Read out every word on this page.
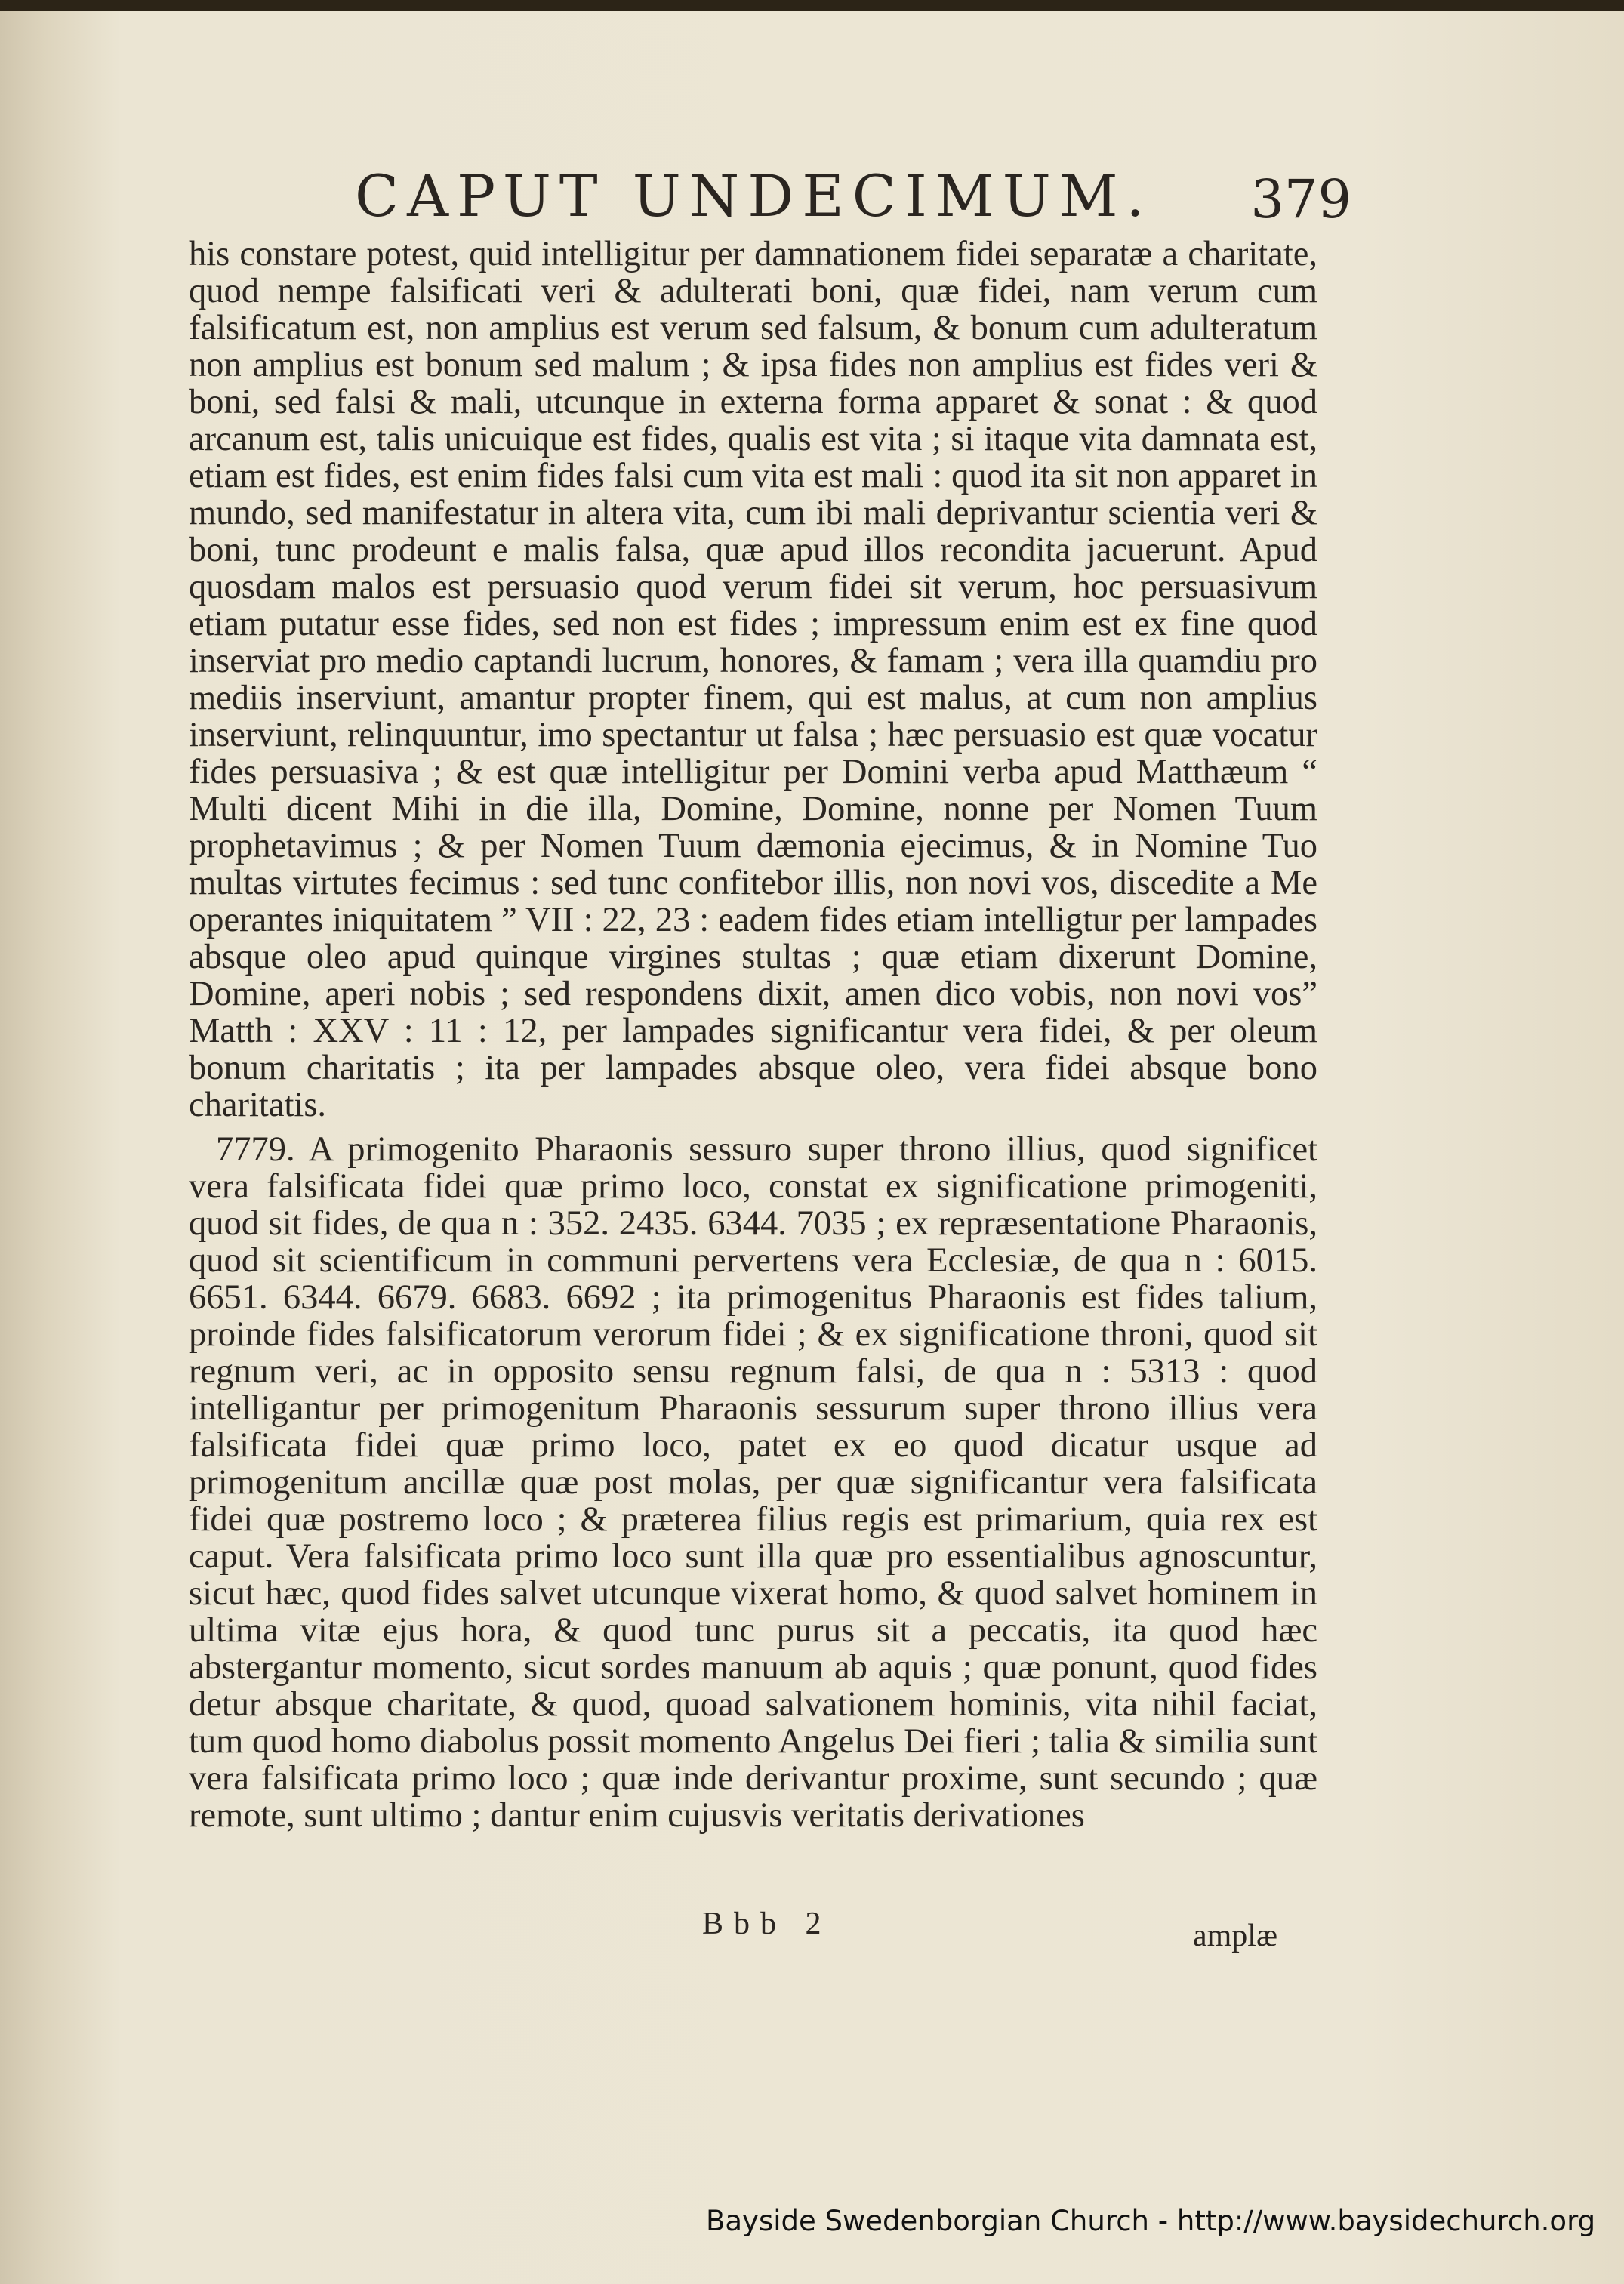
CAPUT UNDECIMUM. 379

his constare potest, quid intelligitur per damnationem fidei separatæ a charitate, quod nempe falsificati veri & adulterati boni, quæ fidei, nam verum cum falsificatum est, non amplius est verum sed falsum, & bonum cum adulteratum non amplius est bonum sed malum ; & ipsa fides non amplius est fides veri & boni, sed falsi & mali, utcunque in externa forma apparet & sonat : & quod arcanum est, talis unicuique est fides, qualis est vita ; si itaque vita damnata est, etiam est fides, est enim fides falsi cum vita est mali : quod ita sit non apparet in mundo, sed manifestatur in altera vita, cum ibi mali deprivantur scientia veri & boni, tunc prodeunt e malis falsa, quæ apud illos recondita jacuerunt. Apud quosdam malos est persuasio quod verum fidei sit verum, hoc persuasivum etiam putatur esse fides, sed non est fides ; impressum enim est ex fine quod inserviat pro medio captandi lucrum, honores, & famam ; vera illa quamdiu pro mediis inserviunt, amantur propter finem, qui est malus, at cum non amplius inserviunt, relinquuntur, imo spectantur ut falsa ; hæc persuasio est quæ vocatur fides persuasiva ; & est quæ intelligitur per Domini verba apud Matthæum “ Multi dicent Mihi in die illa, Domine, Domine, nonne per Nomen Tuum prophetavimus ; & per Nomen Tuum dæmonia ejecimus, & in Nomine Tuo multas virtutes fecimus : sed tunc confitebor illis, non novi vos, discedite a Me operantes iniquitatem ” VII : 22, 23 : eadem fides etiam intelligtur per lampades absque oleo apud quinque virgines stultas ; quæ etiam dixerunt Domine, Domine, aperi nobis ; sed respondens dixit, amen dico vobis, non novi vos” Matth : XXV : 11 : 12, per lampades significantur vera fidei, & per oleum bonum charitatis ; ita per lampades absque oleo, vera fidei absque bono charitatis.

7779. A primogenito Pharaonis sessuro super throno illius, quod significet vera falsificata fidei quæ primo loco, constat ex significatione primogeniti, quod sit fides, de qua n : 352. 2435. 6344. 7035 ; ex repræsentatione Pharaonis, quod sit scientificum in communi pervertens vera Ecclesiæ, de qua n : 6015. 6651. 6344. 6679. 6683. 6692 ; ita primogenitus Pharaonis est fides talium, proinde fides falsificatorum verorum fidei ; & ex significatione throni, quod sit regnum veri, ac in opposito sensu regnum falsi, de qua n : 5313 : quod intelligantur per primogenitum Pharaonis sessurum super throno illius vera falsificata fidei quæ primo loco, patet ex eo quod dicatur usque ad primogenitum ancillæ quæ post molas, per quæ significantur vera falsificata fidei quæ postremo loco ; & præterea filius regis est primarium, quia rex est caput. Vera falsificata primo loco sunt illa quæ pro essentialibus agnoscuntur, sicut hæc, quod fides salvet utcunque vixerat homo, & quod salvet hominem in ultima vitæ ejus hora, & quod tunc purus sit a peccatis, ita quod hæc abstergantur momento, sicut sordes manuum ab aquis ; quæ ponunt, quod fides detur absque charitate, & quod, quoad salvationem hominis, vita nihil faciat, tum quod homo diabolus possit momento Angelus Dei fieri ; talia & similia sunt vera falsificata primo loco ; quæ inde derivantur proxime, sunt secundo ; quæ remote, sunt ultimo ; dantur enim cujusvis veritatis derivationes

Bbb 2	amplæ
Bayside Swedenborgian Church - http://www.baysidechurch.org
